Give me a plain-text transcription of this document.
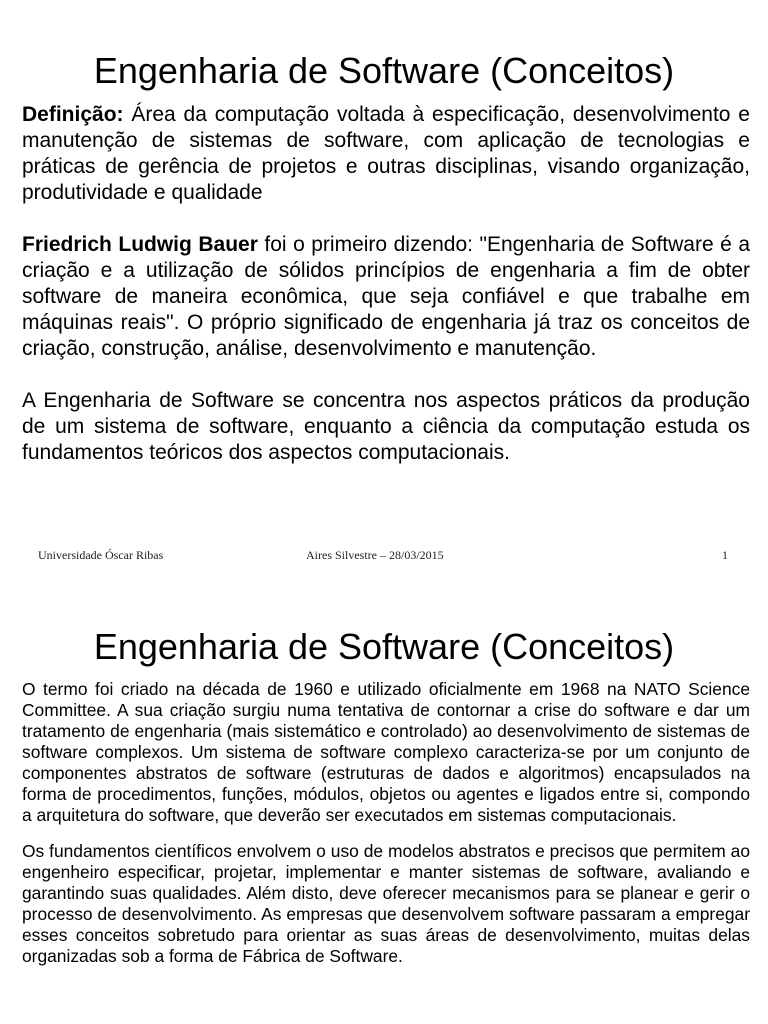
Engenharia de Software (Conceitos)

Definição: Área da computação voltada à especificação, desenvolvimento e manutenção de sistemas de software, com aplicação de tecnologias e práticas de gerência de projetos e outras disciplinas, visando organização, produtividade e qualidade

Friedrich Ludwig Bauer foi o primeiro dizendo: "Engenharia de Software é a criação e a utilização de sólidos princípios de engenharia a fim de obter software de maneira econômica, que seja confiável e que trabalhe em máquinas reais". O próprio significado de engenharia já traz os conceitos de criação, construção, análise, desenvolvimento e manutenção.

A Engenharia de Software se concentra nos aspectos práticos da produção de um sistema de software, enquanto a ciência da computação estuda os fundamentos teóricos dos aspectos computacionais.

Universidade Óscar Ribas	Aires Silvestre – 28/03/2015	1
Engenharia de Software (Conceitos)

O termo foi criado na década de 1960 e utilizado oficialmente em 1968 na NATO Science Committee. A sua criação surgiu numa tentativa de contornar a crise do software e dar um tratamento de engenharia (mais sistemático e controlado) ao desenvolvimento de sistemas de software complexos. Um sistema de software complexo caracteriza-se por um conjunto de componentes abstratos de software (estruturas de dados e algoritmos) encapsulados na forma de procedimentos, funções, módulos, objetos ou agentes e ligados entre si, compondo a arquitetura do software, que deverão ser executados em sistemas computacionais.

Os fundamentos científicos envolvem o uso de modelos abstratos e precisos que permitem ao engenheiro especificar, projetar, implementar e manter sistemas de software, avaliando e garantindo suas qualidades. Além disto, deve oferecer mecanismos para se planear e gerir o processo de desenvolvimento. As empresas que desenvolvem software passaram a empregar esses conceitos sobretudo para orientar as suas áreas de desenvolvimento, muitas delas organizadas sob a forma de Fábrica de Software.
